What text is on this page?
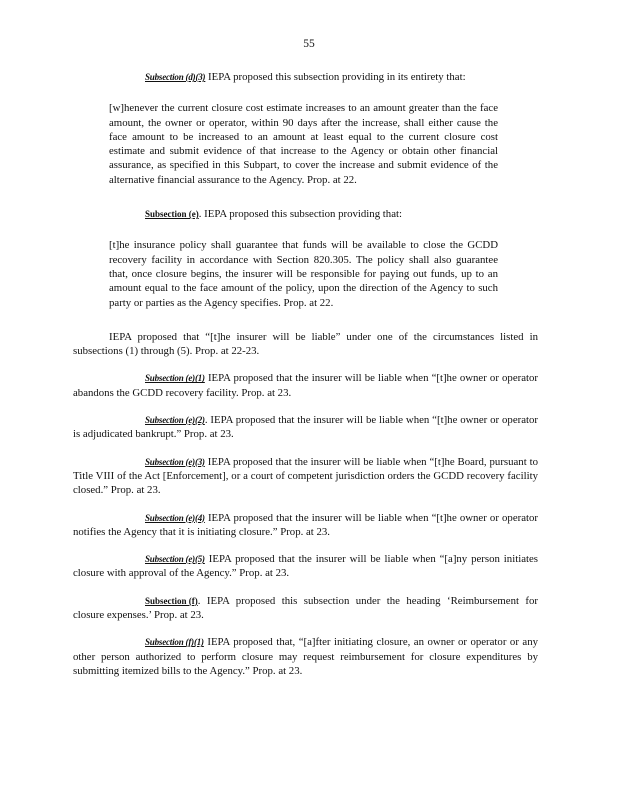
55

Subsection (d)(3) IEPA proposed this subsection providing in its entirety that:

[w]henever the current closure cost estimate increases to an amount greater than the face amount, the owner or operator, within 90 days after the increase, shall either cause the face amount to be increased to an amount at least equal to the current closure cost estimate and submit evidence of that increase to the Agency or obtain other financial assurance, as specified in this Subpart, to cover the increase and submit evidence of the alternative financial assurance to the Agency. Prop. at 22.

Subsection (e). IEPA proposed this subsection providing that:

[t]he insurance policy shall guarantee that funds will be available to close the GCDD recovery facility in accordance with Section 820.305. The policy shall also guarantee that, once closure begins, the insurer will be responsible for paying out funds, up to an amount equal to the face amount of the policy, upon the direction of the Agency to such party or parties as the Agency specifies. Prop. at 22.

IEPA proposed that “[t]he insurer will be liable” under one of the circumstances listed in subsections (1) through (5). Prop. at 22-23.

Subsection (e)(1) IEPA proposed that the insurer will be liable when “[t]he owner or operator abandons the GCDD recovery facility. Prop. at 23.

Subsection (e)(2). IEPA proposed that the insurer will be liable when “[t]he owner or operator is adjudicated bankrupt.” Prop. at 23.

Subsection (e)(3) IEPA proposed that the insurer will be liable when “[t]he Board, pursuant to Title VIII of the Act [Enforcement], or a court of competent jurisdiction orders the GCDD recovery facility closed.” Prop. at 23.

Subsection (e)(4) IEPA proposed that the insurer will be liable when “[t]he owner or operator notifies the Agency that it is initiating closure.” Prop. at 23.

Subsection (e)(5) IEPA proposed that the insurer will be liable when “[a]ny person initiates closure with approval of the Agency.” Prop. at 23.

Subsection (f). IEPA proposed this subsection under the heading ‘Reimbursement for closure expenses.’ Prop. at 23.

Subsection (f)(1) IEPA proposed that, “[a]fter initiating closure, an owner or operator or any other person authorized to perform closure may request reimbursement for closure expenditures by submitting itemized bills to the Agency.” Prop. at 23.
